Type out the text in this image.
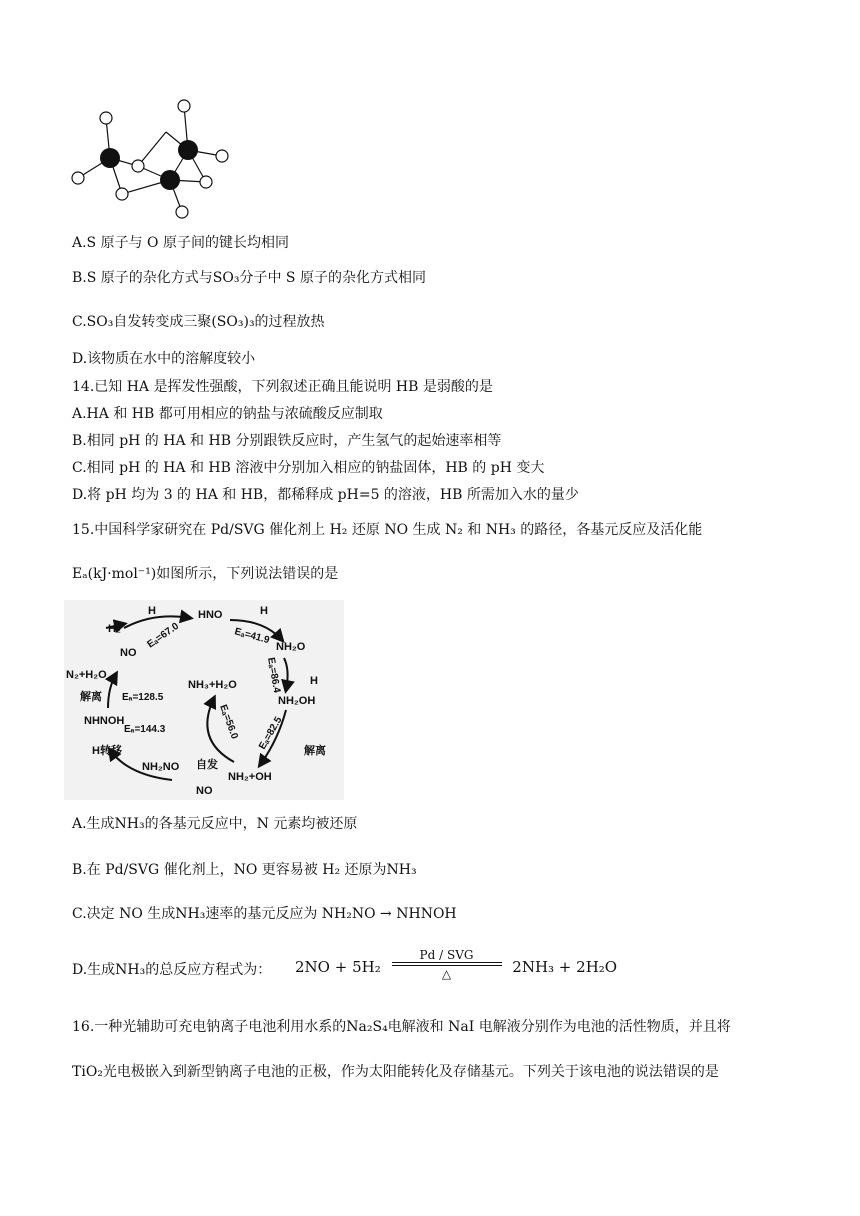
A.S 原子与 O 原子间的键长均相同
B.S 原子的杂化方式与SO₃分子中 S 原子的杂化方式相同
C.SO₃自发转变成三聚(SO₃)₃的过程放热
D.该物质在水中的溶解度较小
14.已知 HA 是挥发性强酸，下列叙述正确且能说明 HB 是弱酸的是
A.HA 和 HB 都可用相应的钠盐与浓硫酸反应制取
B.相同 pH 的 HA 和 HB 分别跟铁反应时，产生氢气的起始速率相等
C.相同 pH 的 HA 和 HB 溶液中分别加入相应的钠盐固体，HB 的 pH 变大
D.将 pH 均为 3 的 HA 和 HB，都稀释成 pH=5 的溶液，HB 所需加入水的量少
15.中国科学家研究在 Pd/SVG 催化剂上 H₂ 还原 NO 生成 N₂ 和 NH₃ 的路径，各基元反应及活化能
Eₐ(kJ·mol⁻¹)如图所示，下列说法错误的是
H₂
NO
H	HNO	H
NH₂O
H
NH₂OH
解离
NH₂+OH
自发
NO
NH₂NO
H转移
NHNOH
解离
N₂+H₂O
NH₃+H₂O
Eₐ=67.0	Eₐ=41.9
Eₐ=86.4
Eₐ=82.5
Eₐ=56.0
Eₐ=144.3
Eₐ=128.5
A.生成NH₃的各基元反应中，N 元素均被还原
B.在 Pd/SVG 催化剂上，NO 更容易被 H₂ 还原为NH₃
C.决定 NO 生成NH₃速率的基元反应为 NH₂NO → NHNOH
D.生成NH₃的总反应方程式为： 2NO + 5H₂
Pd / SVG
△	2NH₃ + 2H₂O
16.一种光辅助可充电钠离子电池利用水系的Na₂S₄电解液和 NaI 电解液分别作为电池的活性物质，并且将
TiO₂光电极嵌入到新型钠离子电池的正极，作为太阳能转化及存储基元。下列关于该电池的说法错误的是
